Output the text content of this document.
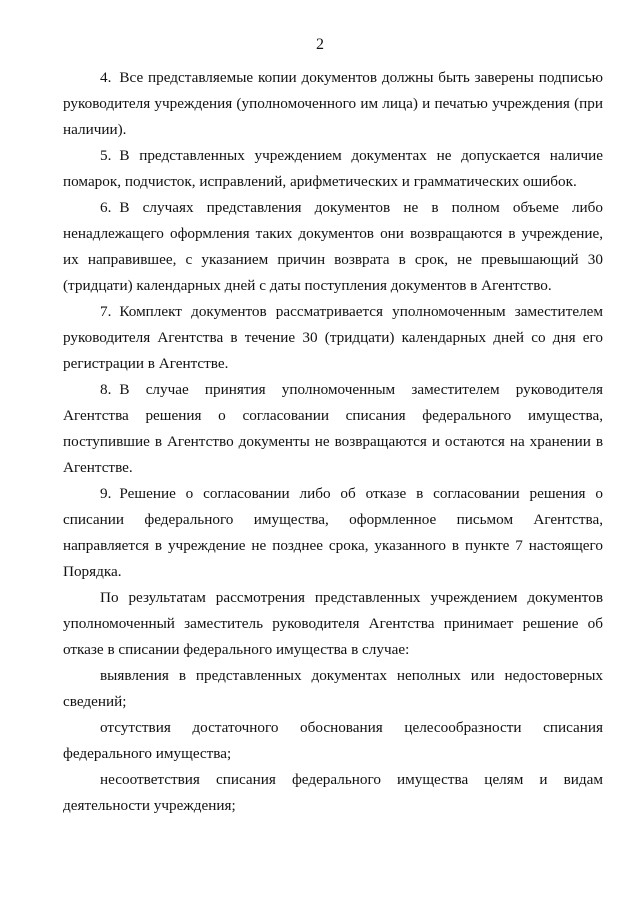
2

4. Все представляемые копии документов должны быть заверены подписью руководителя учреждения (уполномоченного им лица) и печатью учреждения (при наличии).

5. В представленных учреждением документах не допускается наличие помарок, подчисток, исправлений, арифметических и грамматических ошибок.

6. В случаях представления документов не в полном объеме либо ненадлежащего оформления таких документов они возвращаются в учреждение, их направившее, с указанием причин возврата в срок, не превышающий 30 (тридцати) календарных дней с даты поступления документов в Агентство.

7. Комплект документов рассматривается уполномоченным заместителем руководителя Агентства в течение 30 (тридцати) календарных дней со дня его регистрации в Агентстве.

8. В случае принятия уполномоченным заместителем руководителя Агентства решения о согласовании списания федерального имущества, поступившие в Агентство документы не возвращаются и остаются на хранении в Агентстве.

9. Решение о согласовании либо об отказе в согласовании решения о списании федерального имущества, оформленное письмом Агентства, направляется в учреждение не позднее срока, указанного в пункте 7 настоящего Порядка.

По результатам рассмотрения представленных учреждением документов уполномоченный заместитель руководителя Агентства принимает решение об отказе в списании федерального имущества в случае:

выявления в представленных документах неполных или недостоверных сведений;

отсутствия достаточного обоснования целесообразности списания федерального имущества;

несоответствия списания федерального имущества целям и видам деятельности учреждения;
